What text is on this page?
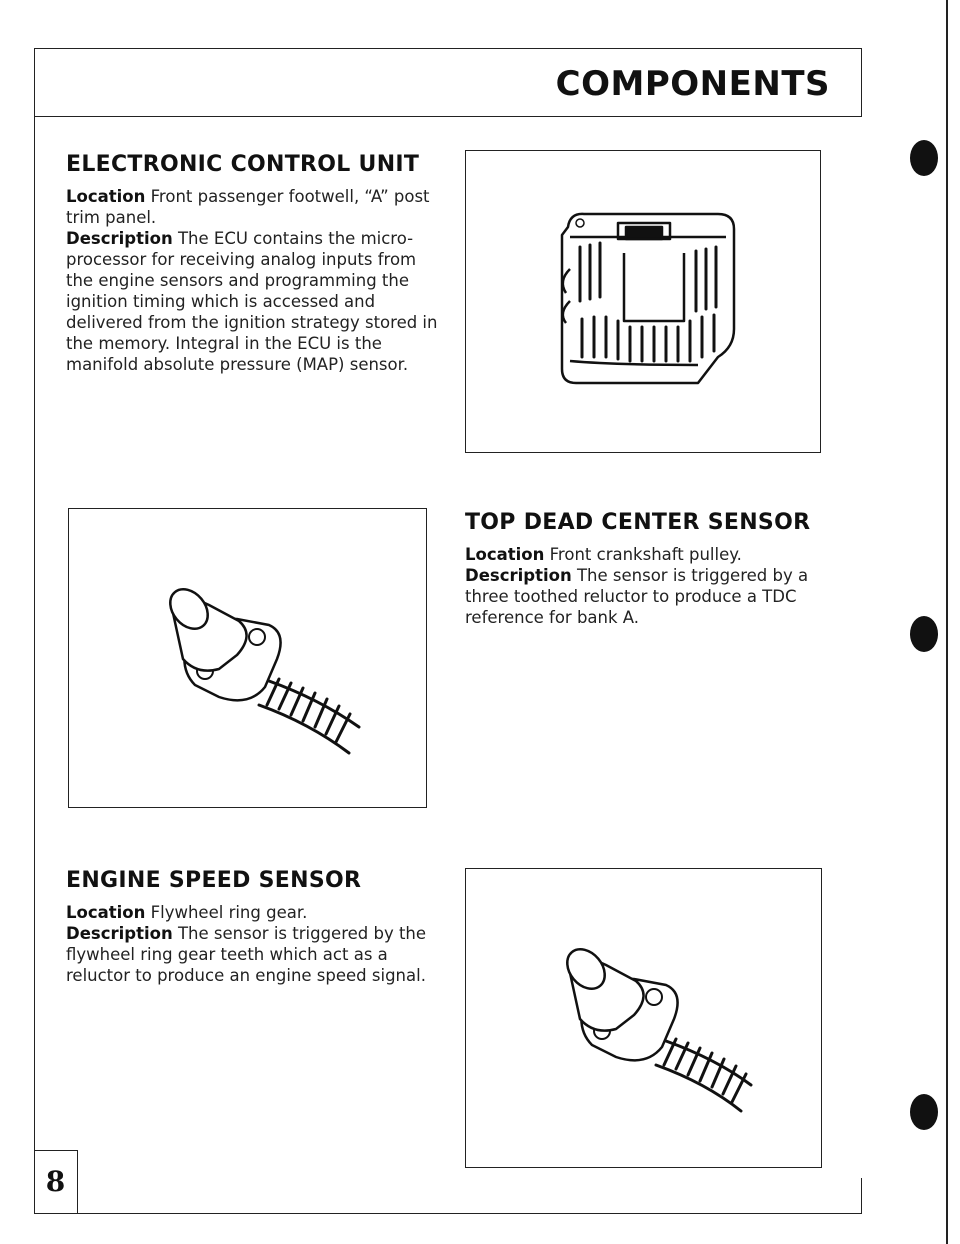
COMPONENTS
ELECTRONIC CONTROL UNIT

Location Front passenger footwell, “A” post trim panel.

Description The ECU contains the micro-processor for receiving analog inputs from the engine sensors and programming the ignition timing which is accessed and delivered from the ignition strategy stored in the memory. Integral in the ECU is the manifold absolute pressure (MAP) sensor.

TOP DEAD CENTER SENSOR

Location Front crankshaft pulley.

Description The sensor is triggered by a three toothed reluctor to produce a TDC reference for bank A.

ENGINE SPEED SENSOR

Location Flywheel ring gear.

Description The sensor is triggered by the flywheel ring gear teeth which act as a reluctor to produce an engine speed signal.

8
